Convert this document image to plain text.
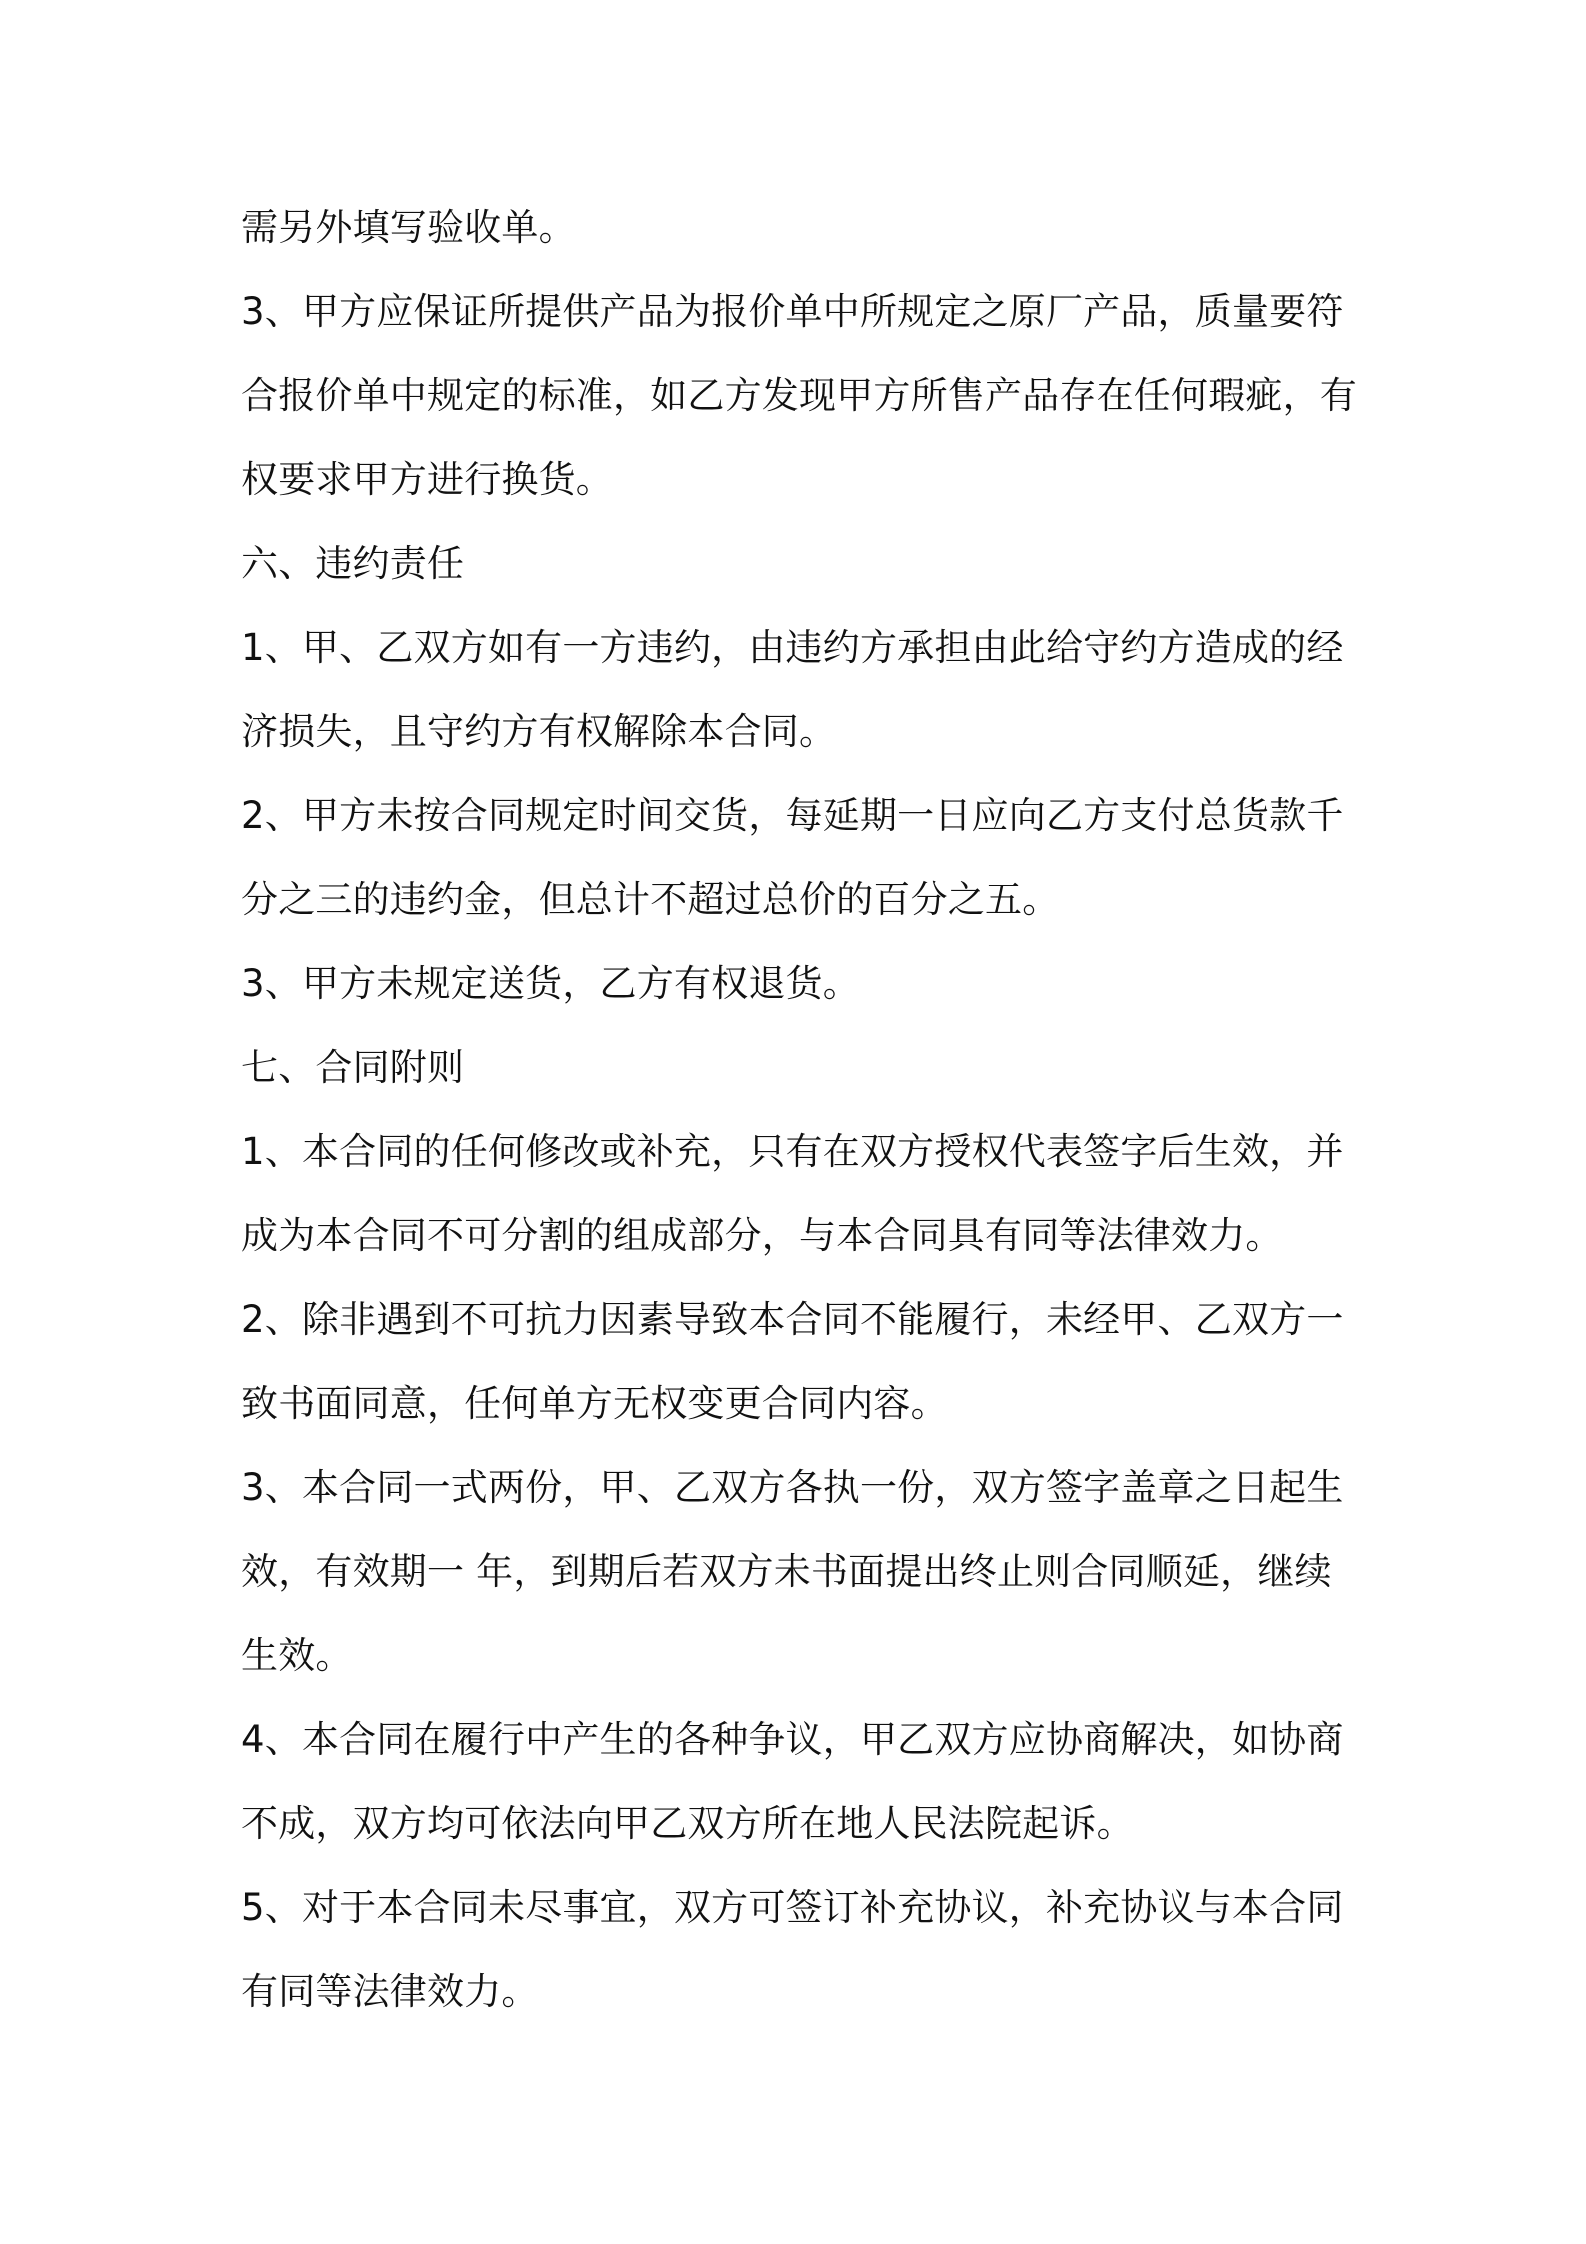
需另外填写验收单。
3、甲方应保证所提供产品为报价单中所规定之原厂产品，质量要符
合报价单中规定的标准，如乙方发现甲方所售产品存在任何瑕疵，有
权要求甲方进行换货。
六、违约责任
1、甲、乙双方如有一方违约，由违约方承担由此给守约方造成的经
济损失，且守约方有权解除本合同。
2、甲方未按合同规定时间交货，每延期一日应向乙方支付总货款千
分之三的违约金，但总计不超过总价的百分之五。
3、甲方未规定送货，乙方有权退货。
七、合同附则
1、本合同的任何修改或补充，只有在双方授权代表签字后生效，并
成为本合同不可分割的组成部分，与本合同具有同等法律效力。
2、除非遇到不可抗力因素导致本合同不能履行，未经甲、乙双方一
致书面同意，任何单方无权变更合同内容。
3、本合同一式两份，甲、乙双方各执一份，双方签字盖章之日起生
效，有效期一 年，到期后若双方未书面提出终止则合同顺延，继续
生效。
4、本合同在履行中产生的各种争议，甲乙双方应协商解决，如协商
不成，双方均可依法向甲乙双方所在地人民法院起诉。
5、对于本合同未尽事宜，双方可签订补充协议，补充协议与本合同
有同等法律效力。
